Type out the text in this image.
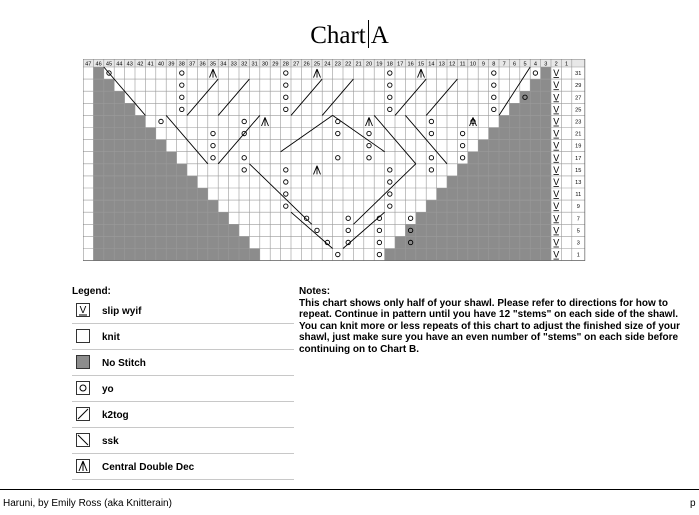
Chart A
47 46 45 44 43 42 41 40 39 38 37 36 35 34 33 32 31 30 29 28 27 26 25 24 23 22 21 20 19 18 17 16 15 14 13 12 11 10 9 8 7 6 5 4 3 2 1
31
29
27
25
23
21
19
17
15
13
11
9
7
5
3
1
V
V
V
V
V
V
V
V
V
V
V
V
V
V
V
V
Legend:
V slip wyif
knit
No Stitch
yo
k2tog
ssk
Central Double Dec
Notes:
This chart shows only half of your shawl. Please refer to directions for how to
repeat. Continue in pattern until you have 12 "stems" on each side of the shawl.
You can knit more or less repeats of this chart to adjust the finished size of your
shawl, just make sure you have an even number of "stems" on each side before
continuing on to Chart B.
Haruni, by Emily Ross (aka Knitterain)	p
